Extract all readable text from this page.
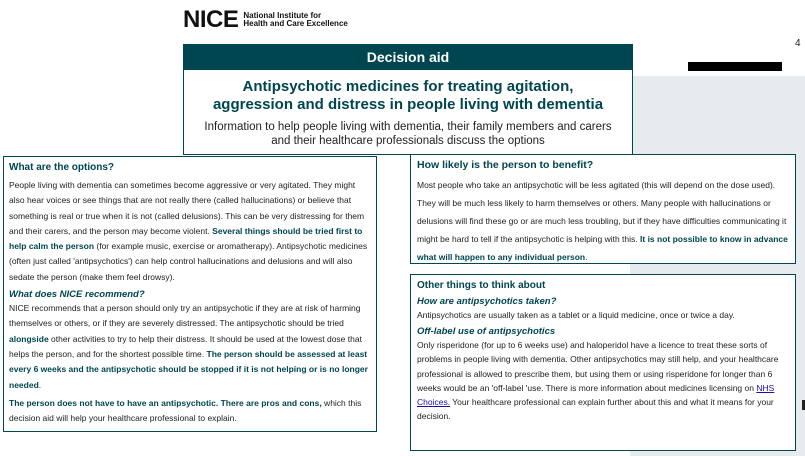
4
NICE National Institute for
Health and Care Excellence
Decision aid
Antipsychotic medicines for treating agitation, aggression and distress in people living with dementia
Information to help people living with dementia, their family members and carers and their healthcare professionals discuss the options
What are the options?

People living with dementia can sometimes become aggressive or very agitated. They might also hear voices or see things that are not really there (called hallucinations) or believe that something is real or true when it is not (called delusions). This can be very distressing for them and their carers, and the person may become violent. Several things should be tried first to help calm the person (for example music, exercise or aromatherapy). Antipsychotic medicines (often just called 'antipsychotics') can help control hallucinations and delusions and will also sedate the person (make them feel drowsy).

What does NICE recommend?

NICE recommends that a person should only try an antipsychotic if they are at risk of harming themselves or others, or if they are severely distressed. The antipsychotic should be tried alongside other activities to try to help their distress. It should be used at the lowest dose that helps the person, and for the shortest possible time. The person should be assessed at least every 6 weeks and the antipsychotic should be stopped if it is not helping or is no longer needed.

The person does not have to have an antipsychotic. There are pros and cons, which this decision aid will help your healthcare professional to explain.

How likely is the person to benefit?

Most people who take an antipsychotic will be less agitated (this will depend on the dose used). They will be much less likely to harm themselves or others. Many people with hallucinations or delusions will find these go or are much less troubling, but if they have difficulties communicating it might be hard to tell if the antipsychotic is helping with this. It is not possible to know in advance what will happen to any individual person.

Other things to think about
How are antipsychotics taken?

Antipsychotics are usually taken as a tablet or a liquid medicine, once or twice a day.

Off-label use of antipsychotics

Only risperidone (for up to 6 weeks use) and haloperidol have a licence to treat these sorts of problems in people living with dementia. Other antipsychotics may still help, and your healthcare professional is allowed to prescribe them, but using them or using risperidone for longer than 6 weeks would be an 'off-label 'use. There is more information about medicines licensing on NHS Choices. Your healthcare professional can explain further about this and what it means for your decision.
